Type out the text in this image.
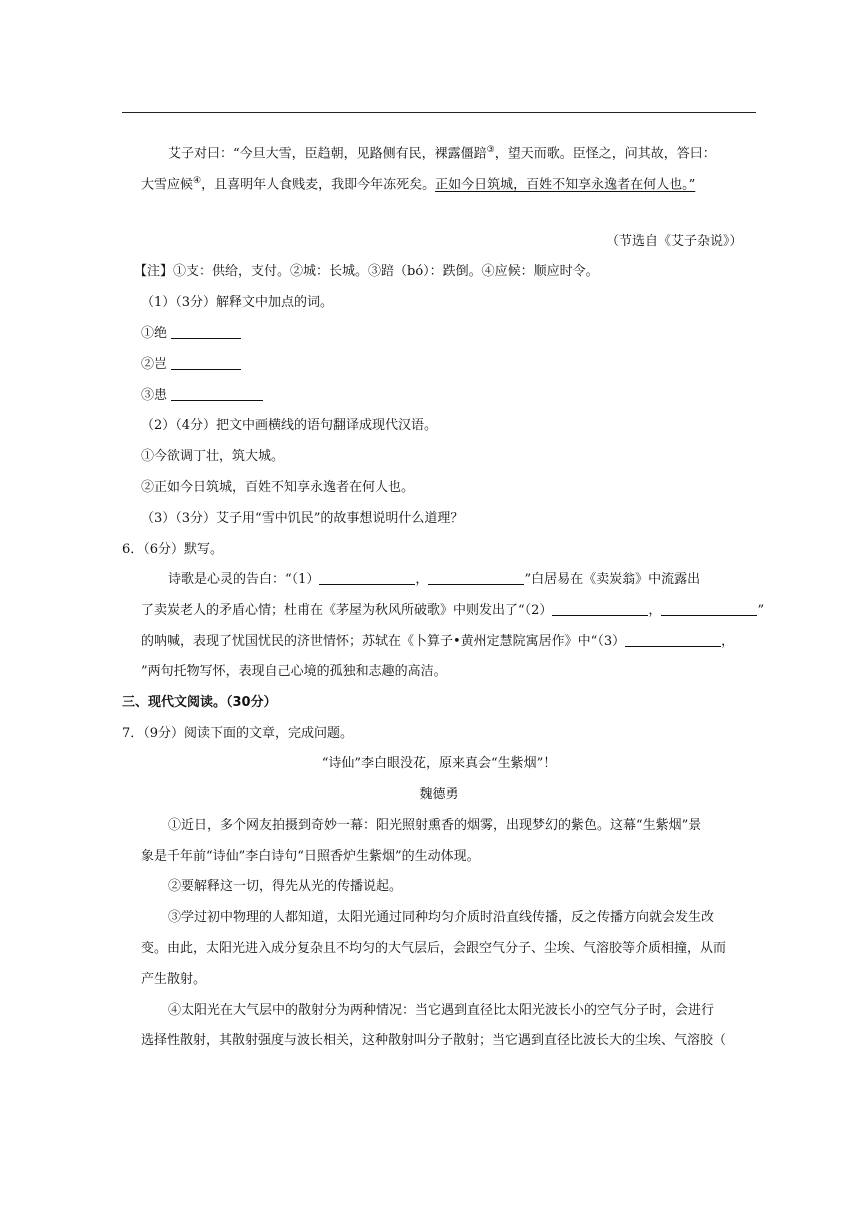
艾子对曰：“今旦大雪，臣趋朝，见路侧有民，裸露僵踣③，望天而歌。臣怪之，问其故，答曰：
大雪应候④，且喜明年人食贱麦，我即今年冻死矣。正如今日筑城，百姓不知享永逸者在何人也。”
（节选自《艾子杂说》）
【注】①支：供给，支付。②城：长城。③踣（bó）：跌倒。④应候：顺应时令。
（1）（3分）解释文中加点的词。
①绝
②岂
③患
（2）（4分）把文中画横线的语句翻译成现代汉语。
①今欲调丁壮，筑大城。
②正如今日筑城，百姓不知享永逸者在何人也。
（3）（3分）艾子用“雪中饥民”的故事想说明什么道理？
6．（6分）默写。
诗歌是心灵的告白：“（1）	，	”白居易在《卖炭翁》中流露出
了卖炭老人的矛盾心情；杜甫在《茅屋为秋风所破歌》中则发出了“（2）	，	”
的呐喊，表现了忧国忧民的济世情怀；苏轼在《卜算子•黄州定慧院寓居作》中“（3）	，
”两句托物写怀，表现自己心境的孤独和志趣的高洁。
三、现代文阅读。（30分）
7．（9分）阅读下面的文章，完成问题。
“诗仙”李白眼没花，原来真会“生紫烟”！
魏德勇
①近日，多个网友拍摄到奇妙一幕：阳光照射熏香的烟雾，出现梦幻的紫色。这幕“生紫烟”景
象是千年前“诗仙”李白诗句“日照香炉生紫烟”的生动体现。
②要解释这一切，得先从光的传播说起。
③学过初中物理的人都知道，太阳光通过同种均匀介质时沿直线传播，反之传播方向就会发生改
变。由此，太阳光进入成分复杂且不均匀的大气层后，会跟空气分子、尘埃、气溶胶等介质相撞，从而
产生散射。
④太阳光在大气层中的散射分为两种情况：当它遇到直径比太阳光波长小的空气分子时，会进行
选择性散射，其散射强度与波长相关，这种散射叫分子散射；当它遇到直径比波长大的尘埃、气溶胶（
